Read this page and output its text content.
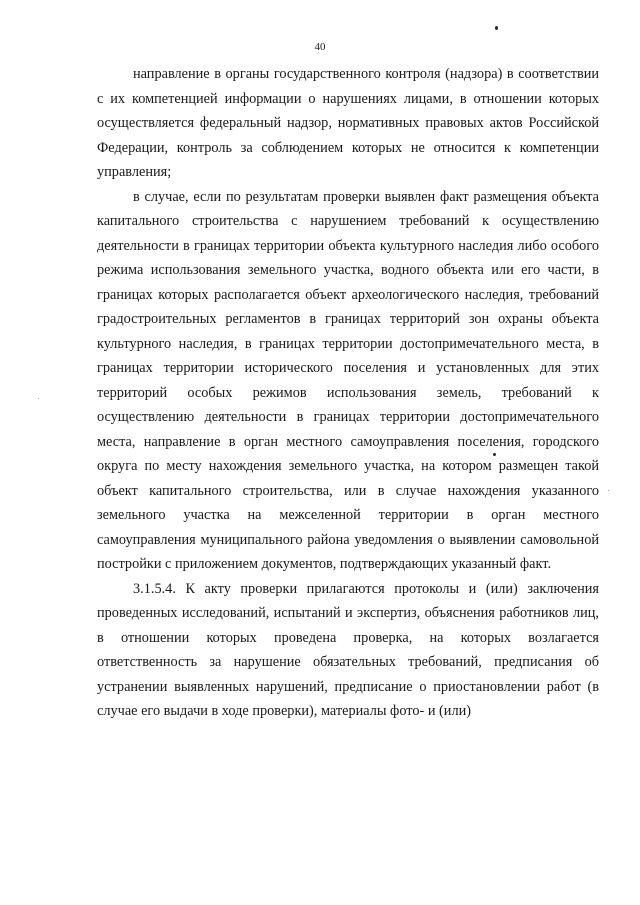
40

направление в органы государственного контроля (надзора) в соответствии с их компетенцией информации о нарушениях лицами, в отношении которых осуществляется федеральный надзор, нормативных правовых актов Российской Федерации, контроль за соблюдением которых не относится к компетенции управления;

в случае, если по результатам проверки выявлен факт размещения объекта капитального строительства с нарушением требований к осуществлению деятельности в границах территории объекта культурного наследия либо особого режима использования земельного участка, водного объекта или его части, в границах которых располагается объект археологического наследия, требований градостроительных регламентов в границах территорий зон охраны объекта культурного наследия, в границах территории достопримечательного места, в границах территории исторического поселения и установленных для этих территорий особых режимов использования земель, требований к осуществлению деятельности в границах территории достопримечательного места, направление в орган местного самоуправления поселения, городского округа по месту нахождения земельного участка, на котором размещен такой объект капитального строительства, или в случае нахождения указанного земельного участка на межселенной территории в орган местного самоуправления муниципального района уведомления о выявлении самовольной постройки с приложением документов, подтверждающих указанный факт.

3.1.5.4. К акту проверки прилагаются протоколы и (или) заключения проведенных исследований, испытаний и экспертиз, объяснения работников лиц, в отношении которых проведена проверка, на которых возлагается ответственность за нарушение обязательных требований, предписания об устранении выявленных нарушений, предписание о приостановлении работ (в случае его выдачи в ходе проверки), материалы фото- и (или)
